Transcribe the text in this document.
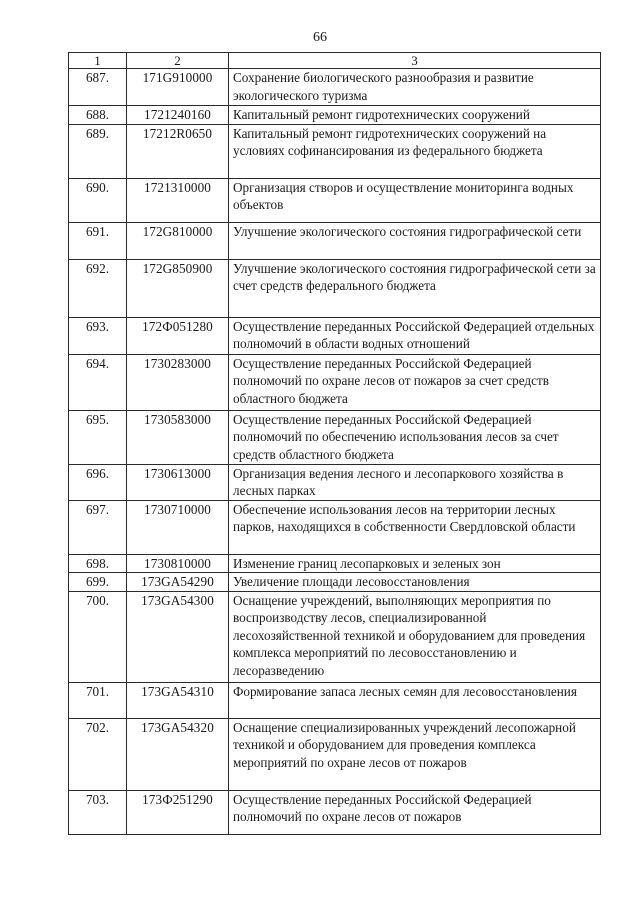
66
1	2	3
687.	171G910000	Сохранение биологического разнообразия и развитие экологического туризма
688.	1721240160	Капитальный ремонт гидротехнических сооружений
689.	17212R0650	Капитальный ремонт гидротехнических сооружений на условиях софинансирования из федерального бюджета
690.	1721310000	Организация створов и осуществление мониторинга водных объектов
691.	172G810000	Улучшение экологического состояния гидрографической сети
692.	172G850900	Улучшение экологического состояния гидрографической сети за счет средств федерального бюджета
693.	172Ф051280	Осуществление переданных Российской Федерацией отдельных полномочий в области водных отношений
694.	1730283000	Осуществление переданных Российской Федерацией полномочий по охране лесов от пожаров за счет средств областного бюджета
695.	1730583000	Осуществление переданных Российской Федерацией полномочий по обеспечению использования лесов за счет средств областного бюджета
696.	1730613000	Организация ведения лесного и лесопаркового хозяйства в лесных парках
697.	1730710000	Обеспечение использования лесов на территории лесных парков, находящихся в собственности Свердловской области
698.	1730810000	Изменение границ лесопарковых и зеленых зон
699.	173GA54290	Увеличение площади лесовосстановления
700.	173GA54300	Оснащение учреждений, выполняющих мероприятия по воспроизводству лесов, специализированной лесохозяйственной техникой и оборудованием для проведения комплекса мероприятий по лесовосстановлению и лесоразведению
701.	173GA54310	Формирование запаса лесных семян для лесовосстановления
702.	173GA54320	Оснащение специализированных учреждений лесопожарной техникой и оборудованием для проведения комплекса мероприятий по охране лесов от пожаров
703.	173Ф251290	Осуществление переданных Российской Федерацией полномочий по охране лесов от пожаров
